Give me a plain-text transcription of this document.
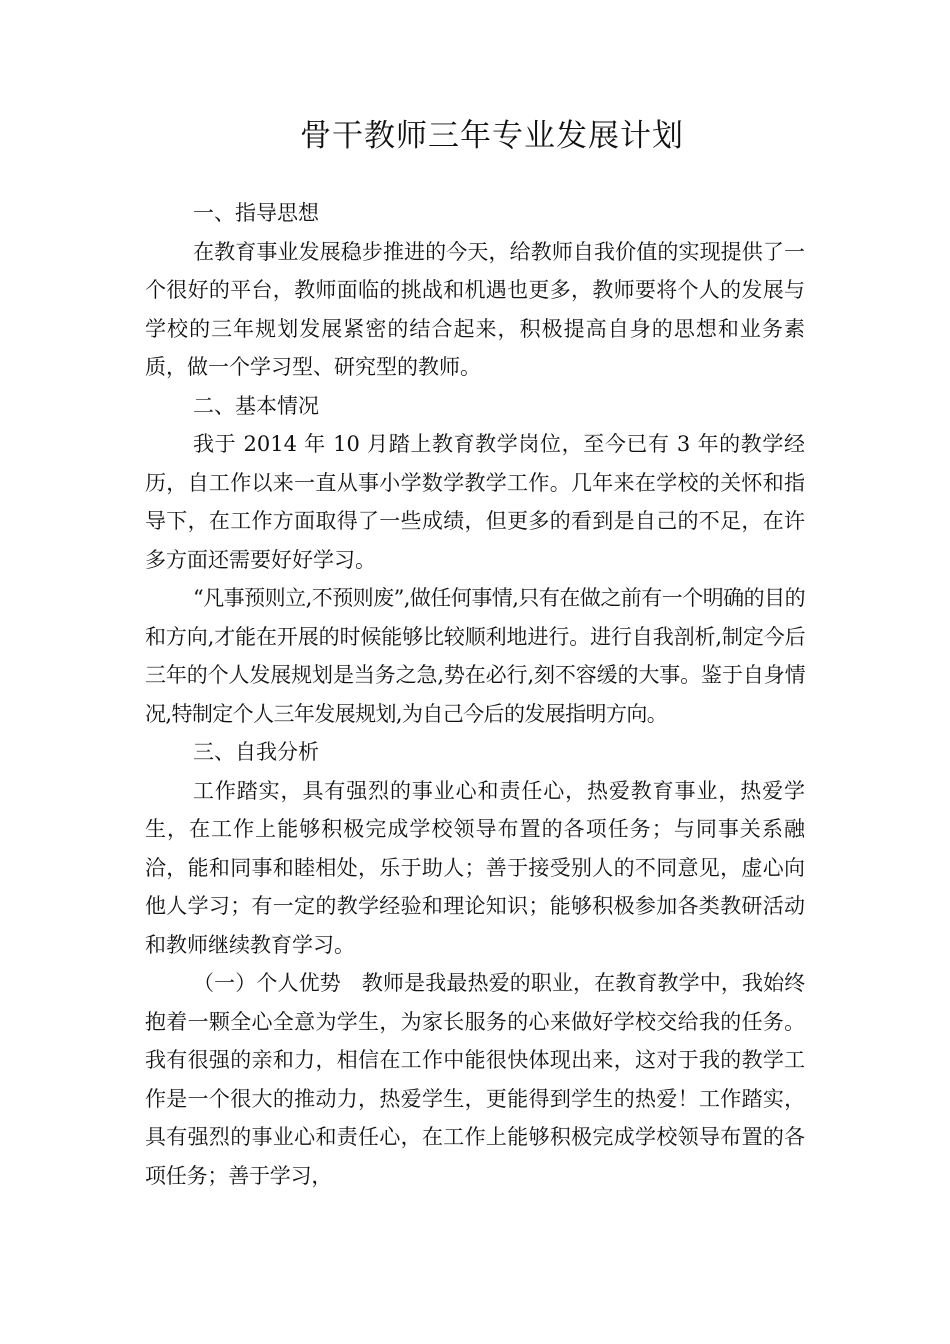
骨干教师三年专业发展计划

一、指导思想

在教育事业发展稳步推进的今天，给教师自我价值的实现提供了一个很好的平台，教师面临的挑战和机遇也更多，教师要将个人的发展与学校的三年规划发展紧密的结合起来，积极提高自身的思想和业务素质，做一个学习型、研究型的教师。

二、基本情况

我于 2014 年 10 月踏上教育教学岗位，至今已有 3 年的教学经历，自工作以来一直从事小学数学教学工作。几年来在学校的关怀和指导下，在工作方面取得了一些成绩，但更多的看到是自己的不足，在许多方面还需要好好学习。

“凡事预则立,不预则废”,做任何事情,只有在做之前有一个明确的目的和方向,才能在开展的时候能够比较顺利地进行。进行自我剖析,制定今后三年的个人发展规划是当务之急,势在必行,刻不容缓的大事。鉴于自身情况,特制定个人三年发展规划,为自己今后的发展指明方向。

三、自我分析

工作踏实，具有强烈的事业心和责任心，热爱教育事业，热爱学生，在工作上能够积极完成学校领导布置的各项任务；与同事关系融洽，能和同事和睦相处，乐于助人；善于接受别人的不同意见，虚心向他人学习；有一定的教学经验和理论知识；能够积极参加各类教研活动和教师继续教育学习。

（一）个人优势　教师是我最热爱的职业，在教育教学中，我始终抱着一颗全心全意为学生，为家长服务的心来做好学校交给我的任务。我有很强的亲和力，相信在工作中能很快体现出来，这对于我的教学工作是一个很大的推动力，热爱学生，更能得到学生的热爱！工作踏实，具有强烈的事业心和责任心，在工作上能够积极完成学校领导布置的各项任务；善于学习，
